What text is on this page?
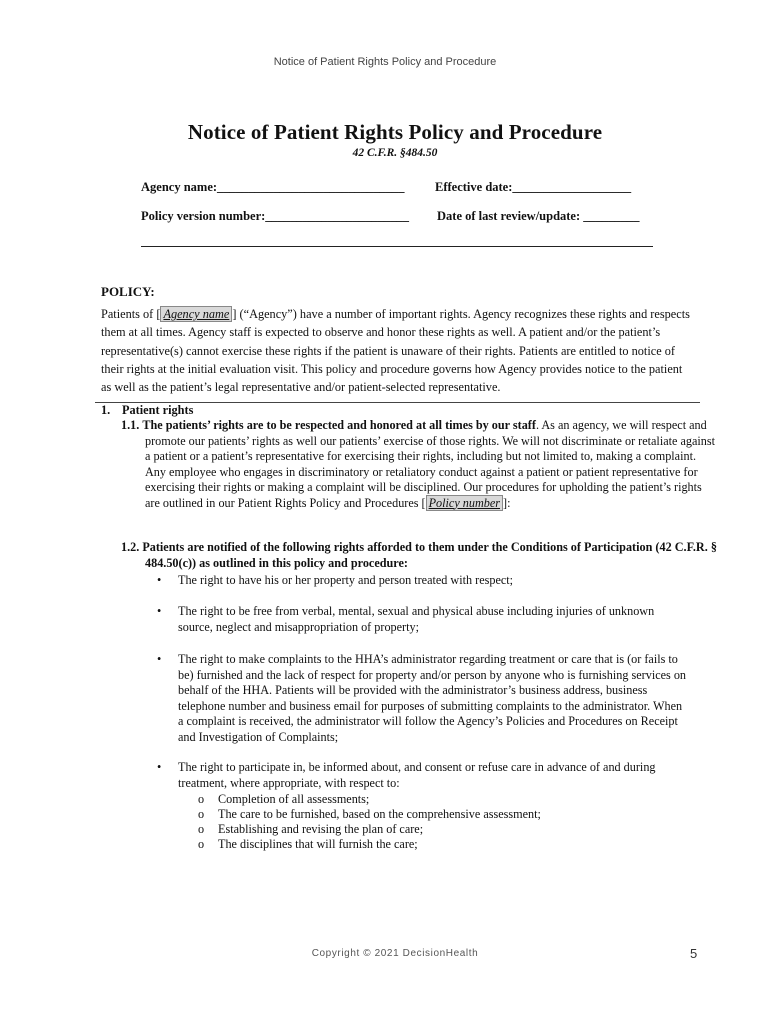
Notice of Patient Rights Policy and Procedure
Notice of Patient Rights Policy and Procedure
42 C.F.R. §484.50
Agency name:______________________________ Effective date:___________________
Policy version number:_______________________ Date of last review/update: _________
POLICY:
Patients of [ Agency name ] (“Agency”) have a number of important rights. Agency recognizes these rights and respects them at all times. Agency staff is expected to observe and honor these rights as well. A patient and/or the patient’s representative(s) cannot exercise these rights if the patient is unaware of their rights. Patients are entitled to notice of their rights at the initial evaluation visit. This policy and procedure governs how Agency provides notice to the patient as well as the patient’s legal representative and/or patient-selected representative.
1. Patient rights
1.1. The patients’ rights are to be respected and honored at all times by our staff. As an agency, we will respect and promote our patients’ rights as well our patients’ exercise of those rights. We will not discriminate or retaliate against a patient or a patient’s representative for exercising their rights, including but not limited to, making a complaint. Any employee who engages in discriminatory or retaliatory conduct against a patient or patient representative for exercising their rights or making a complaint will be disciplined. Our procedures for upholding the patient’s rights are outlined in our Patient Rights Policy and Procedures [ Policy number ]:
1.2. Patients are notified of the following rights afforded to them under the Conditions of Participation (42 C.F.R. § 484.50(c)) as outlined in this policy and procedure:
•	The right to have his or her property and person treated with respect;
•	The right to be free from verbal, mental, sexual and physical abuse including injuries of unknown source, neglect and misappropriation of property;
•	The right to make complaints to the HHA’s administrator regarding treatment or care that is (or fails to be) furnished and the lack of respect for property and/or person by anyone who is furnishing services on behalf of the HHA. Patients will be provided with the administrator’s business address, business telephone number and business email for purposes of submitting complaints to the administrator. When a complaint is received, the administrator will follow the Agency’s Policies and Procedures on Receipt and Investigation of Complaints;
•	The right to participate in, be informed about, and consent or refuse care in advance of and during treatment, where appropriate, with respect to:
o Completion of all assessments;
o The care to be furnished, based on the comprehensive assessment;
o Establishing and revising the plan of care;
o The disciplines that will furnish the care;
Copyright © 2021 DecisionHealth	5
